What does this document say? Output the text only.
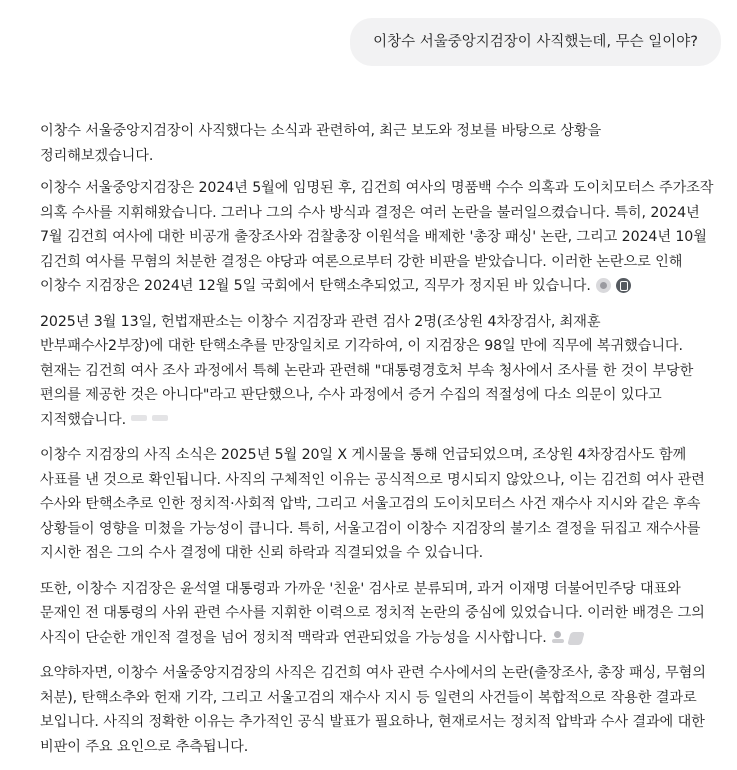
이창수 서울중앙지검장이 사직했는데, 무슨 일이야?

이창수 서울중앙지검장이 사직했다는 소식과 관련하여, 최근 보도와 정보를 바탕으로 상황을 정리해보겠습니다.

이창수 서울중앙지검장은 2024년 5월에 임명된 후, 김건희 여사의 명품백 수수 의혹과 도이치모터스 주가조작 의혹 수사를 지휘해왔습니다. 그러나 그의 수사 방식과 결정은 여러 논란을 불러일으켰습니다. 특히, 2024년 7월 김건희 여사에 대한 비공개 출장조사와 검찰총장 이원석을 배제한 '총장 패싱' 논란, 그리고 2024년 10월 김건희 여사를 무혐의 처분한 결정은 야당과 여론으로부터 강한 비판을 받았습니다. 이러한 논란으로 인해 이창수 지검장은 2024년 12월 5일 국회에서 탄핵소추되었고, 직무가 정지된 바 있습니다.

2025년 3월 13일, 헌법재판소는 이창수 지검장과 관련 검사 2명(조상원 4차장검사, 최재훈 반부패수사2부장)에 대한 탄핵소추를 만장일치로 기각하여, 이 지검장은 98일 만에 직무에 복귀했습니다. 현재는 김건희 여사 조사 과정에서 특혜 논란과 관련해 "대통령경호처 부속 청사에서 조사를 한 것이 부당한 편의를 제공한 것은 아니다"라고 판단했으나, 수사 과정에서 증거 수집의 적절성에 다소 의문이 있다고 지적했습니다.

이창수 지검장의 사직 소식은 2025년 5월 20일 X 게시물을 통해 언급되었으며, 조상원 4차장검사도 함께 사표를 낸 것으로 확인됩니다. 사직의 구체적인 이유는 공식적으로 명시되지 않았으나, 이는 김건희 여사 관련 수사와 탄핵소추로 인한 정치적·사회적 압박, 그리고 서울고검의 도이치모터스 사건 재수사 지시와 같은 후속 상황들이 영향을 미쳤을 가능성이 큽니다. 특히, 서울고검이 이창수 지검장의 불기소 결정을 뒤집고 재수사를 지시한 점은 그의 수사 결정에 대한 신뢰 하락과 직결되었을 수 있습니다.

또한, 이창수 지검장은 윤석열 대통령과 가까운 '친윤' 검사로 분류되며, 과거 이재명 더불어민주당 대표와 문재인 전 대통령의 사위 관련 수사를 지휘한 이력으로 정치적 논란의 중심에 있었습니다. 이러한 배경은 그의 사직이 단순한 개인적 결정을 넘어 정치적 맥락과 연관되었을 가능성을 시사합니다.

요약하자면, 이창수 서울중앙지검장의 사직은 김건희 여사 관련 수사에서의 논란(출장조사, 총장 패싱, 무혐의 처분), 탄핵소추와 헌재 기각, 그리고 서울고검의 재수사 지시 등 일련의 사건들이 복합적으로 작용한 결과로 보입니다. 사직의 정확한 이유는 추가적인 공식 발표가 필요하나, 현재로서는 정치적 압박과 수사 결과에 대한 비판이 주요 요인으로 추측됩니다.
